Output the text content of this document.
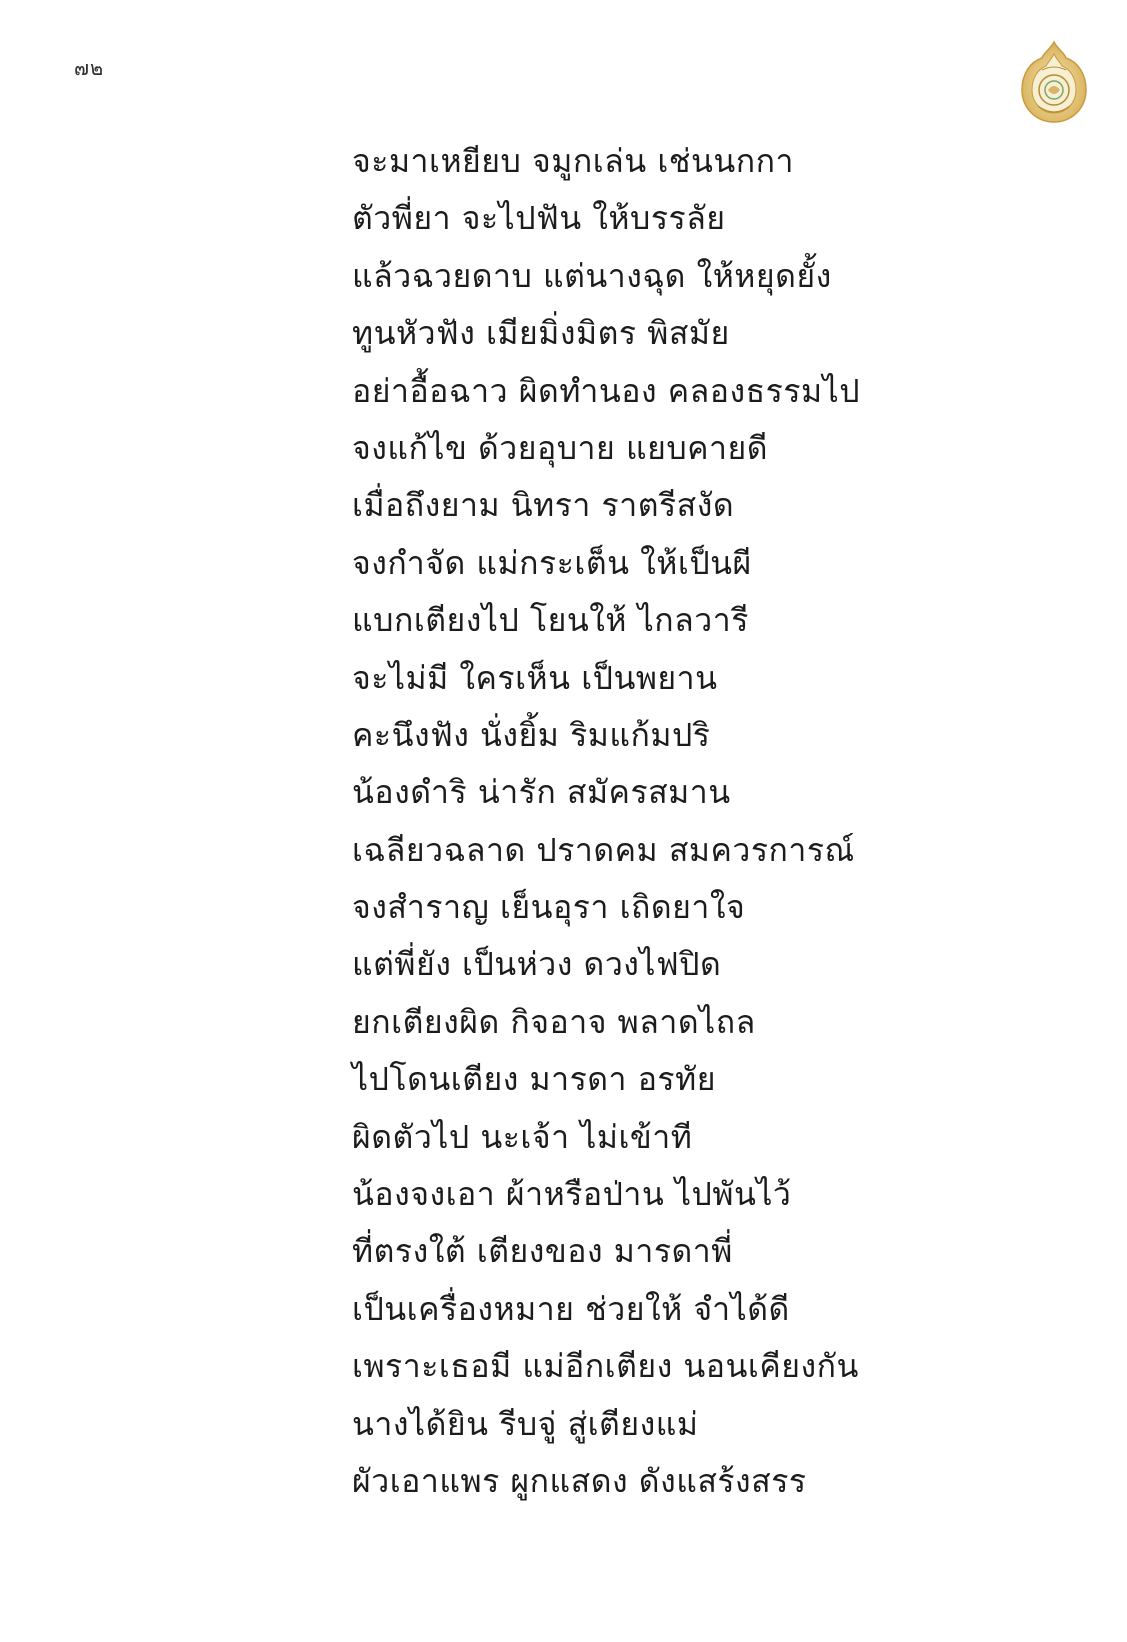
๗๒
จะมาเหยียบ จมูกเล่น เช่นนกกา
ตัวพี่ยา จะไปฟัน ให้บรรลัย
แล้วฉวยดาบ แต่นางฉุด ให้หยุดยั้ง
ทูนหัวฟัง เมียมิ่งมิตร พิสมัย
อย่าอื้อฉาว ผิดทำนอง คลองธรรมไป
จงแก้ไข ด้วยอุบาย แยบคายดี
เมื่อถึงยาม นิทรา ราตรีสงัด
จงกำจัด แม่กระเต็น ให้เป็นผี
แบกเตียงไป โยนให้ ไกลวารี
จะไม่มี ใครเห็น เป็นพยาน
คะนึงฟัง นั่งยิ้ม ริมแก้มปริ
น้องดำริ น่ารัก สมัครสมาน
เฉลียวฉลาด ปราดคม สมควรการณ์
จงสำราญ เย็นอุรา เถิดยาใจ
แต่พี่ยัง เป็นห่วง ดวงไฟปิด
ยกเตียงผิด กิจอาจ พลาดไถล
ไปโดนเตียง มารดา อรทัย
ผิดตัวไป นะเจ้า ไม่เข้าที
น้องจงเอา ผ้าหรือป่าน ไปพันไว้
ที่ตรงใต้ เตียงของ มารดาพี่
เป็นเครื่องหมาย ช่วยให้ จำได้ดี
เพราะเธอมี แม่อีกเตียง นอนเคียงกัน
นางได้ยิน รีบจู่ สู่เตียงแม่
ผัวเอาแพร ผูกแสดง ดังแสร้งสรร
